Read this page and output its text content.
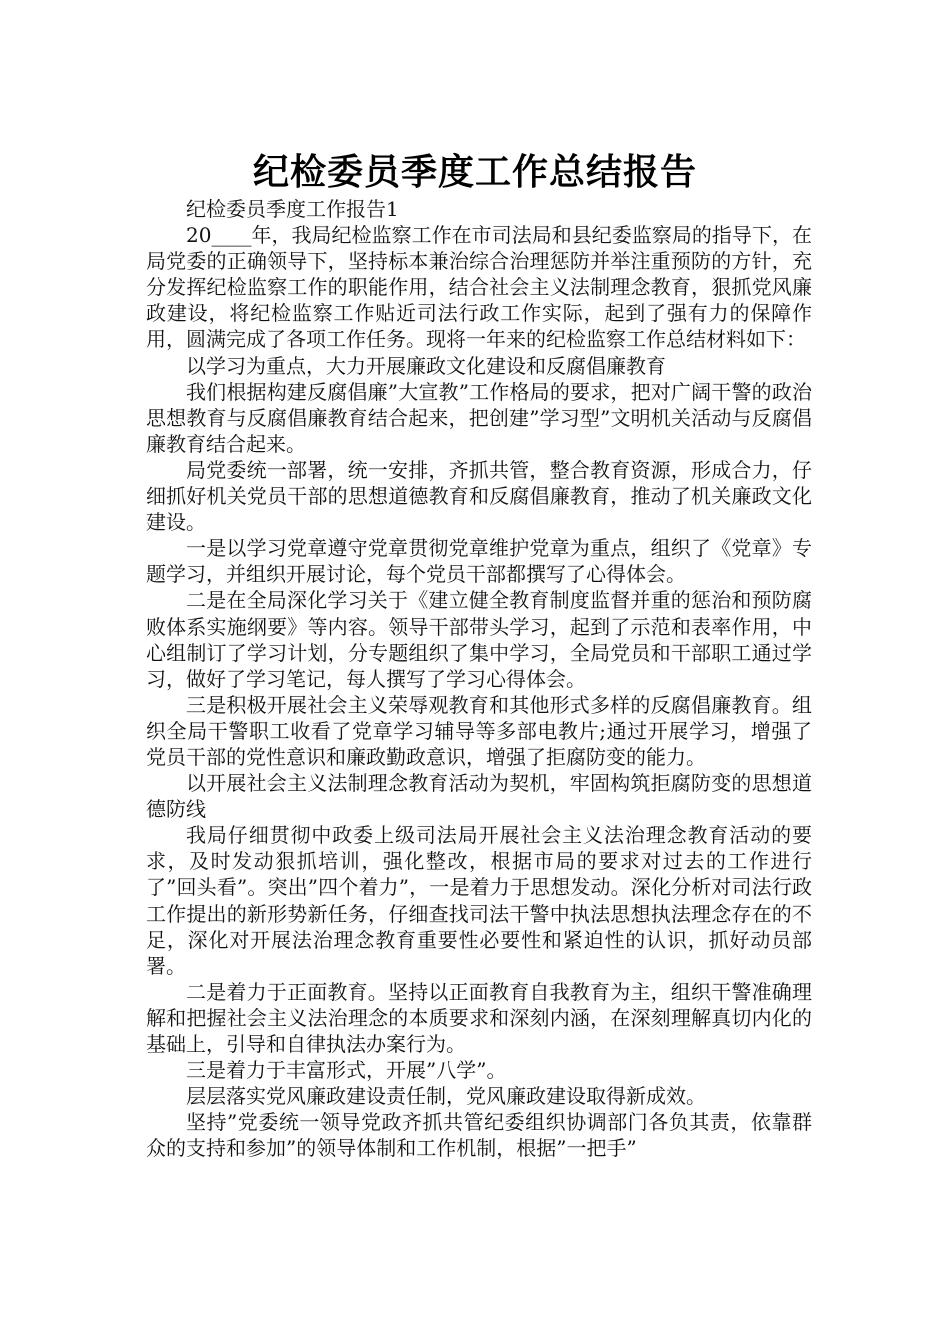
纪检委员季度工作总结报告

纪检委员季度工作报告1

20____年，我局纪检监察工作在市司法局和县纪委监察局的指导下，在局党委的正确领导下，坚持标本兼治综合治理惩防并举注重预防的方针，充分发挥纪检监察工作的职能作用，结合社会主义法制理念教育，狠抓党风廉政建设，将纪检监察工作贴近司法行政工作实际，起到了强有力的保障作用，圆满完成了各项工作任务。现将一年来的纪检监察工作总结材料如下：

以学习为重点，大力开展廉政文化建设和反腐倡廉教育

我们根据构建反腐倡廉”大宣教”工作格局的要求，把对广阔干警的政治思想教育与反腐倡廉教育结合起来，把创建”学习型”文明机关活动与反腐倡廉教育结合起来。

局党委统一部署，统一安排，齐抓共管，整合教育资源，形成合力，仔细抓好机关党员干部的思想道德教育和反腐倡廉教育，推动了机关廉政文化建设。

一是以学习党章遵守党章贯彻党章维护党章为重点，组织了《党章》专题学习，并组织开展讨论，每个党员干部都撰写了心得体会。

二是在全局深化学习关于《建立健全教育制度监督并重的惩治和预防腐败体系实施纲要》等内容。领导干部带头学习，起到了示范和表率作用，中心组制订了学习计划，分专题组织了集中学习，全局党员和干部职工通过学习，做好了学习笔记，每人撰写了学习心得体会。

三是积极开展社会主义荣辱观教育和其他形式多样的反腐倡廉教育。组织全局干警职工收看了党章学习辅导等多部电教片;通过开展学习，增强了党员干部的党性意识和廉政勤政意识，增强了拒腐防变的能力。

以开展社会主义法制理念教育活动为契机，牢固构筑拒腐防变的思想道德防线

我局仔细贯彻中政委上级司法局开展社会主义法治理念教育活动的要求，及时发动狠抓培训，强化整改，根据市局的要求对过去的工作进行了”回头看”。突出”四个着力”，一是着力于思想发动。深化分析对司法行政工作提出的新形势新任务，仔细查找司法干警中执法思想执法理念存在的不足，深化对开展法治理念教育重要性必要性和紧迫性的认识，抓好动员部署。

二是着力于正面教育。坚持以正面教育自我教育为主，组织干警准确理解和把握社会主义法治理念的本质要求和深刻内涵，在深刻理解真切内化的基础上，引导和自律执法办案行为。

三是着力于丰富形式，开展”八学”。

层层落实党风廉政建设责任制，党风廉政建设取得新成效。

坚持”党委统一领导党政齐抓共管纪委组织协调部门各负其责，依靠群众的支持和参加”的领导体制和工作机制，根据”一把手”
